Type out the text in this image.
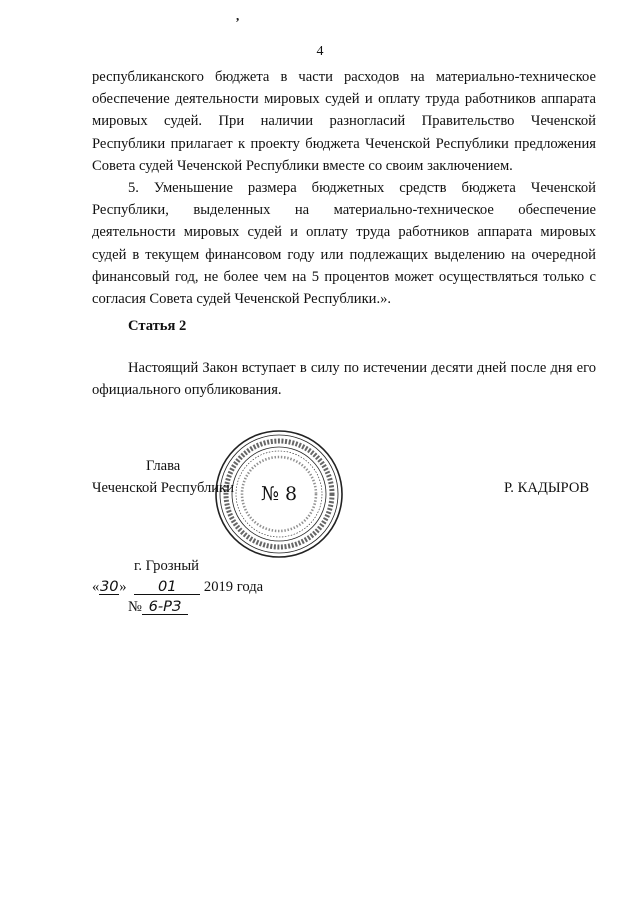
,
4

республиканского бюджета в части расходов на материально-техническое обеспечение деятельности мировых судей и оплату труда работников аппарата мировых судей. При наличии разногласий Правительство Чеченской Республики прилагает к проекту бюджета Чеченской Республики предложения Совета судей Чеченской Республики вместе со своим заключением.

5. Уменьшение размера бюджетных средств бюджета Чеченской Республики, выделенных на материально-техническое обеспечение деятельности мировых судей и оплату труда работников аппарата мировых судей в текущем финансовом году или подлежащих выделению на очередной финансовый год, не более чем на 5 процентов может осуществляться только с согласия Совета судей Чеченской Республики.».

Статья 2
Настоящий Закон вступает в силу по истечении десяти дней после дня его официального опубликования.
№ 8
Глава
Чеченской Республики	Р. КАДЫРОВ
г. Грозный
«30» 01 2019 года
№ 6-РЗ
